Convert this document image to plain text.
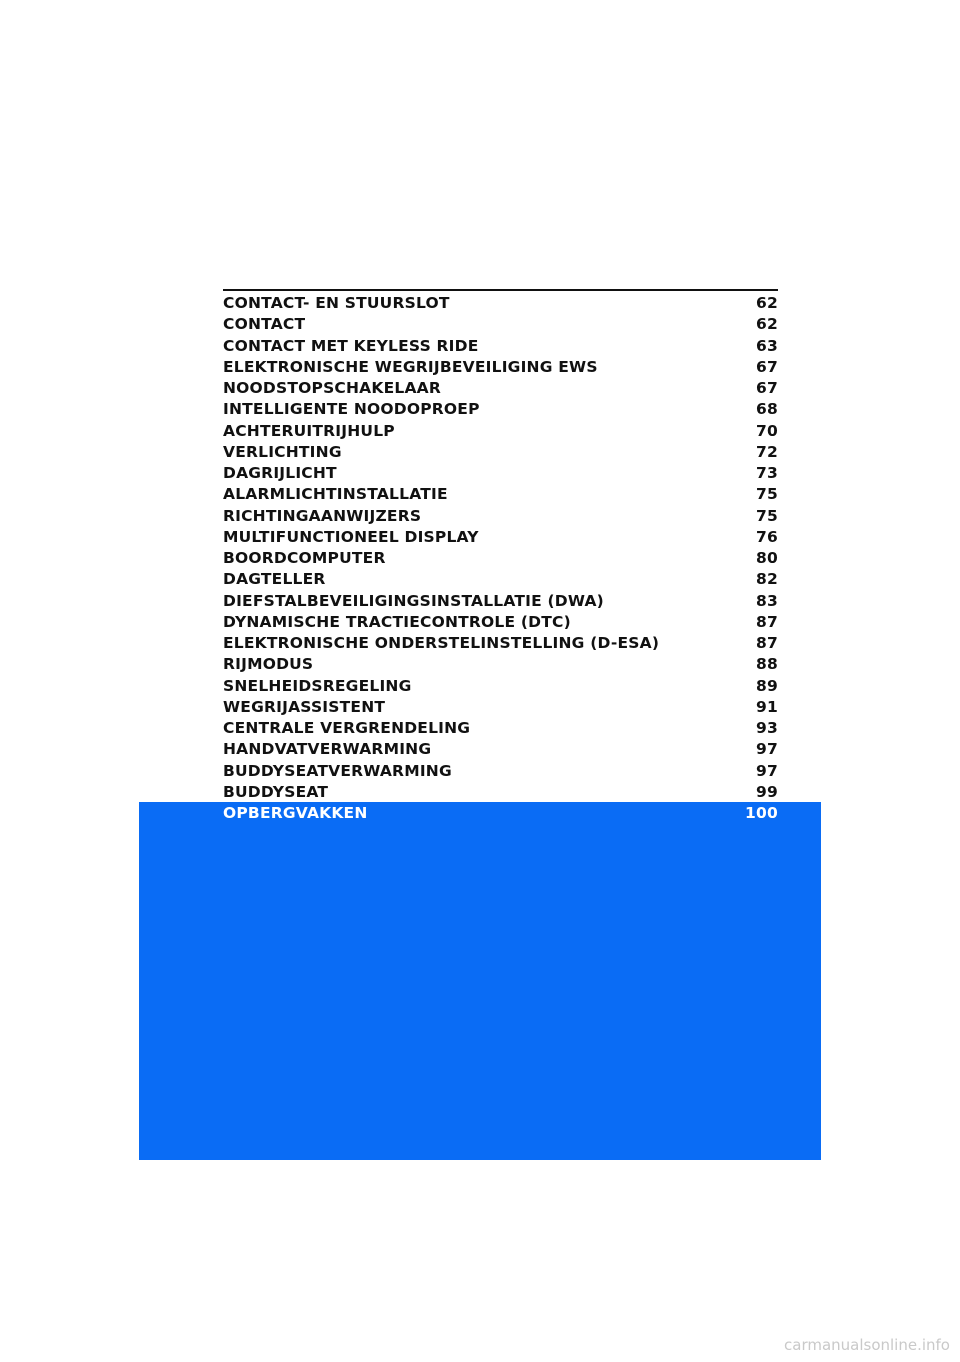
CONTACT- EN STUURSLOT	62
CONTACT	62
CONTACT MET KEYLESS RIDE	63
ELEKTRONISCHE WEGRIJBEVEILIGING EWS	67
NOODSTOPSCHAKELAAR	67
INTELLIGENTE NOODOPROEP	68
ACHTERUITRIJHULP	70
VERLICHTING	72
DAGRIJLICHT	73
ALARMLICHTINSTALLATIE	75
RICHTINGAANWIJZERS	75
MULTIFUNCTIONEEL DISPLAY	76
BOORDCOMPUTER	80
DAGTELLER	82
DIEFSTALBEVEILIGINGSINSTALLATIE (DWA)	83
DYNAMISCHE TRACTIECONTROLE (DTC)	87
ELEKTRONISCHE ONDERSTELINSTELLING (D-ESA)	87
RIJMODUS	88
SNELHEIDSREGELING	89
WEGRIJASSISTENT	91
CENTRALE VERGRENDELING	93
HANDVATVERWARMING	97
BUDDYSEATVERWARMING	97
BUDDYSEAT	99
OPBERGVAKKEN	100
carmanualsonline.info
